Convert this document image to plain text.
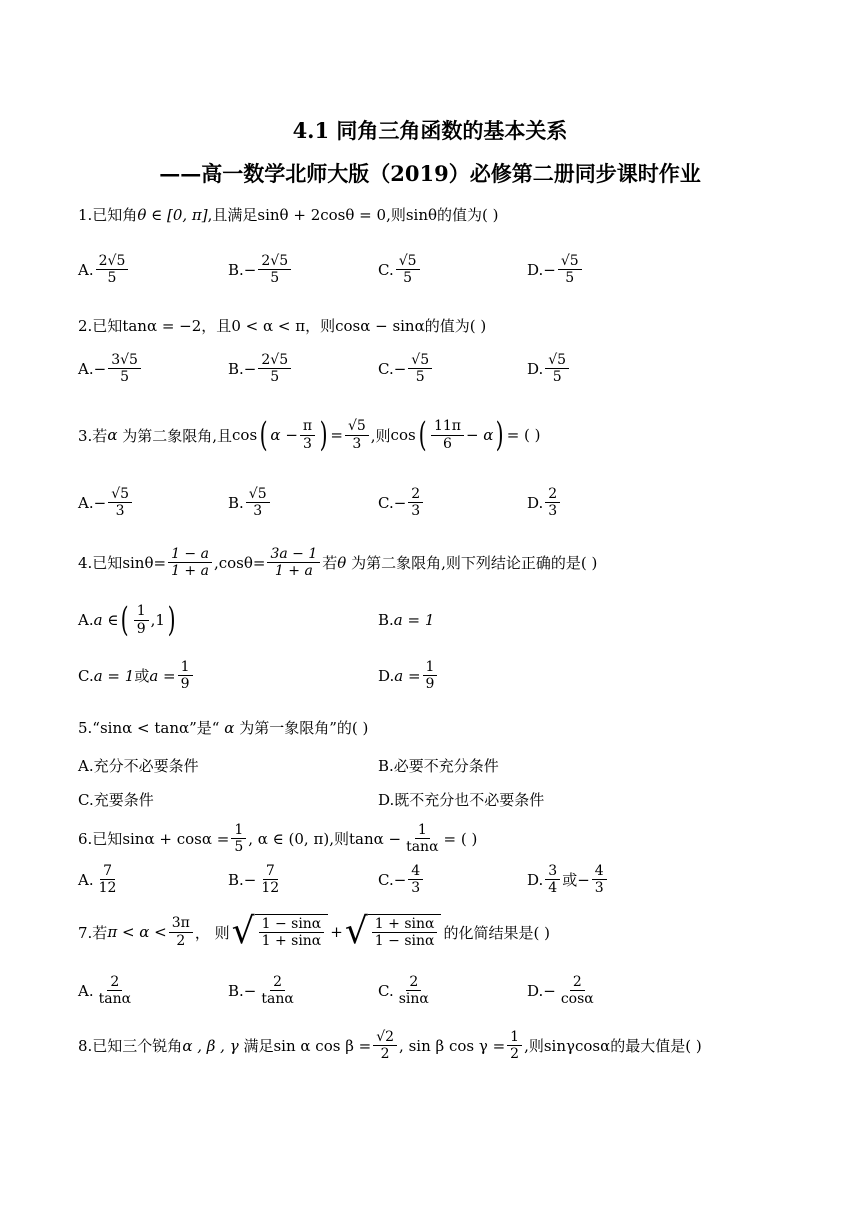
4.1 同角三角函数的基本关系
——高一数学北师大版（2019）必修第二册同步课时作业
1.已知角 θ ∈ [0, π] ,且满足 sinθ + 2cosθ = 0 ,则 sinθ 的值为( )
A. $\frac{2√5}{5}$	B. − $\frac{2√5}{5}$	C. $\frac{√5}{5}$	D. − $\frac{√5}{5}$
2.已知 tanα = −2 ，且 0 < α < π ，则 cosα − sinα 的值为( )
A. − $\frac{3√5}{5}$	B. − $\frac{2√5}{5}$	C. − $\frac{√5}{5}$	D. $\frac{√5}{5}$
3.若 α
为第二象限角,且 cos ( $\alpha - \frac{\pi}{3}$ ) = $\frac{√5}{3}$ ,则 cos ( $\frac{11\pi}{6} - \alpha$ ) = ( )
A. − $\frac{√5}{3}$	B. $\frac{√5}{3}$	C. − $\frac{2}{3}$	D. $\frac{2}{3}$
4.已知 $\sin\theta= \frac{1 - a}{1 + a} ,\cos\theta= \frac{3a - 1}{1 + a}$ 若 θ
为第二象限角,则下列结论正确的是( )
A. a ∈ ( $\frac{1}{9} ,1$ )	B. a = 1
C. a = 1 或 $a = \frac{1}{9}$	D. $a = \frac{1}{9}$
5.“ sinα < tanα ”是“
α
为第一象限角”的( )
A.充分不必要条件	B.必要不充分条件
C.充要条件	D.既不充分也不必要条件
6.已知 $\sin\alpha + \cos\alpha = \frac{1}{5}$ , α ∈ (0, π) ,则 $\tan\alpha - \frac{1}{\tan\alpha}$ = ( )
A. $\frac{7}{12}$	B. − $\frac{7}{12}$	C. − $\frac{4}{3}$	D. $\frac{3}{4}$ 或 − $\frac{4}{3}$
7.若 $\pi < \alpha < \frac{3\pi}{2}$ ， 则 √ $\frac{1 - \sin\alpha}{1 + \sin\alpha}$ + √ $\frac{1 + \sin\alpha}{1 - \sin\alpha}$ 的化简结果是( )
A. $\frac{2}{\tan\alpha}$	B. − $\frac{2}{\tan\alpha}$	C. $\frac{2}{\sin\alpha}$	D. − $\frac{2}{\cos\alpha}$
8.已知三个锐角 α , β , γ
满足 sin α $\cos \beta = \frac{√2}{2}$ , sin β $\cos \gamma = \frac{1}{2}$ ,则 sinγcosα 的最大值是( )
